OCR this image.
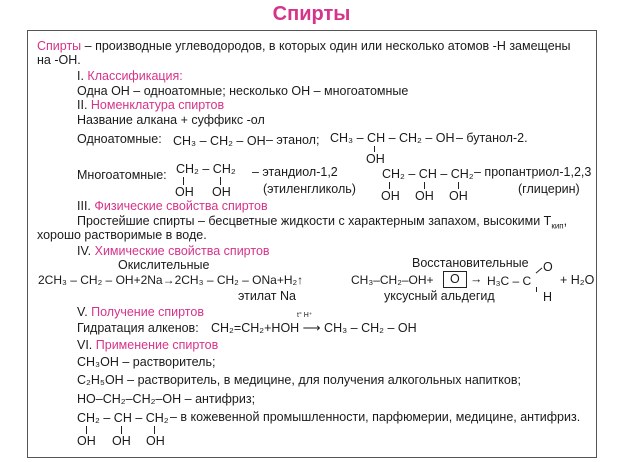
Спирты
Спирты – производные углеводородов, в которых один или несколько атомов -Н замещены
на -ОН.
I. Классификация:
Одна ОН – одноатомные; несколько ОН – многоатомные
II. Номенклатура спиртов
Название алкана + суффикс -ол
Одноатомные: CH₃ – CH₂ – OH – этанол; CH₃ – CH – CH₂ – OH
OH
– бутанол-2.
Многоатомные: CH₂ – CH₂
OH OH
– этандиол-1,2
(этиленгликоль)
CH₂ – CH – CH₂
OH OH OH
– пропантриол-1,2,3
(глицерин)
III. Физические свойства спиртов
Простейшие спирты – бесцветные жидкости с характерным запахом, высокими $T_{кип}$,
хорошо растворимые в воде.
IV. Химические свойства спиртов
Окислительные	Восстановительные
2CH₃ – CH₂ – OH+2Na→2CH₃ – CH₂ – ONa+H₂↑
этилат Na
CH₃–CH₂–OH+ O → H₃C – C
O
H
+ H₂O
уксусный альдегид
V. Получение спиртов
Гидратация алкенов:
t° H⁺
CH₂=CH₂+HOH ⟶ CH₃ – CH₂ – OH
VI. Применение спиртов
CH₃OH – растворитель;
C₂H₅OH – растворитель, в медицине, для получения алкогольных напитков;
HO–CH₂–CH₂–OH – антифриз;
CH₂ – CH – CH₂
OH OH OH
– в кожевенной промышленности, парфюмерии, медицине, антифриз.
